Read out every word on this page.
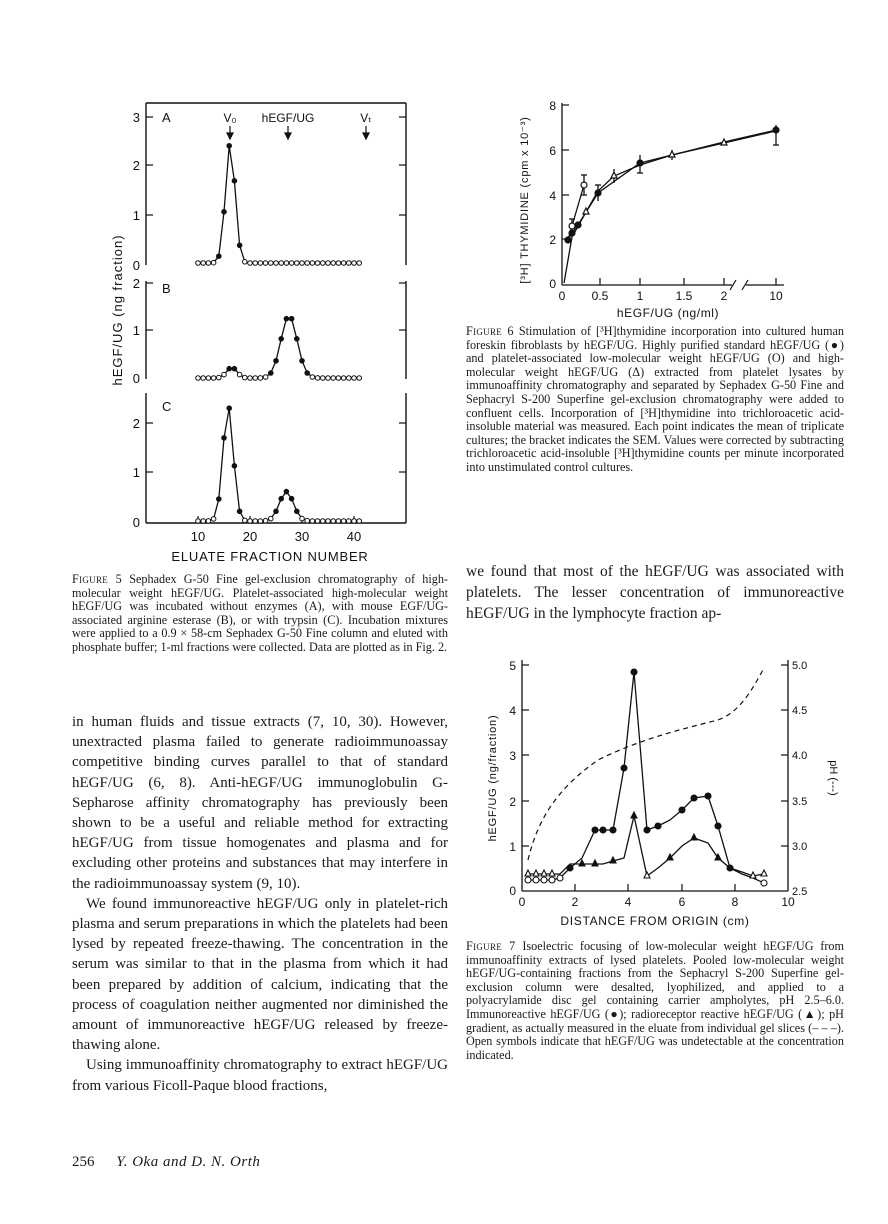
hEGF/UG (ng fraction)
3
2
1
0
A	V₀ hEGF/UG	Vₜ
2
1
0
B
2
1
0
C
10	20	30	40
ELUATE FRACTION NUMBER
Figure 5 Sephadex G-50 Fine gel-exclusion chromatography of high-molecular weight hEGF/UG. Platelet-associated high-molecular weight hEGF/UG was incubated without enzymes (A), with mouse EGF/UG-associated arginine esterase (B), or with trypsin (C). Incubation mixtures were applied to a 0.9 × 58-cm Sephadex G-50 Fine column and eluted with phosphate buffer; 1-ml fractions were collected. Data are plotted as in Fig. 2.

in human fluids and tissue extracts (7, 10, 30). However, unextracted plasma failed to generate radioimmunoassay competitive binding curves parallel to that of standard hEGF/UG (6, 8). Anti-hEGF/UG immunoglobulin G-Sepharose affinity chromatography has previously been shown to be a useful and reliable method for extracting hEGF/UG from tissue homogenates and plasma and for excluding other proteins and substances that may interfere in the radioimmunoassay system (9, 10).

We found immunoreactive hEGF/UG only in platelet-rich plasma and serum preparations in which the platelets had been lysed by repeated freeze-thawing. The concentration in the serum was similar to that in the plasma from which it had been prepared by addition of calcium, indicating that the process of coagulation neither augmented nor diminished the amount of immunoreactive hEGF/UG released by freeze-thawing alone.

Using immunoaffinity chromatography to extract hEGF/UG from various Ficoll-Paque blood fractions,

256 Y. Oka and D. N. Orth
[³H] THYMIDINE (cpm x 10⁻³)
8
6
4
2
0
0 0.5 1	1.5 2	10
hEGF/UG (ng/ml)
Figure 6 Stimulation of [³H]thymidine incorporation into cultured human foreskin fibroblasts by hEGF/UG. Highly purified standard hEGF/UG (●) and platelet-associated low-molecular weight hEGF/UG (O) and high-molecular weight hEGF/UG (Δ) extracted from platelet lysates by immunoaffinity chromatography and separated by Sephadex G-50 Fine and Sephacryl S-200 Superfine gel-exclusion chromatography were added to confluent cells. Incorporation of [³H]thymidine into trichloroacetic acid-insoluble material was measured. Each point indicates the mean of triplicate cultures; the bracket indicates the SEM. Values were corrected by subtracting trichloroacetic acid-insoluble [³H]thymidine counts per minute incorporated into unstimulated control cultures.

we found that most of the hEGF/UG was associated with platelets. The lesser concentration of immunoreactive hEGF/UG in the lymphocyte fraction ap-

hEGF/UG (ng/fraction)
5
4
3
2
1
0
5.0
4.5
4.0
3.5
3.0
2.5
pH (---)
0	2	4	6	8	10
DISTANCE FROM ORIGIN (cm)
Figure 7 Isoelectric focusing of low-molecular weight hEGF/UG from immunoaffinity extracts of lysed platelets. Pooled low-molecular weight hEGF/UG-containing fractions from the Sephacryl S-200 Superfine gel-exclusion column were desalted, lyophilized, and applied to a polyacrylamide disc gel containing carrier ampholytes, pH 2.5–6.0. Immunoreactive hEGF/UG (●); radioreceptor reactive hEGF/UG (▲); pH gradient, as actually measured in the eluate from individual gel slices (– – –). Open symbols indicate that hEGF/UG was undetectable at the concentration indicated.
